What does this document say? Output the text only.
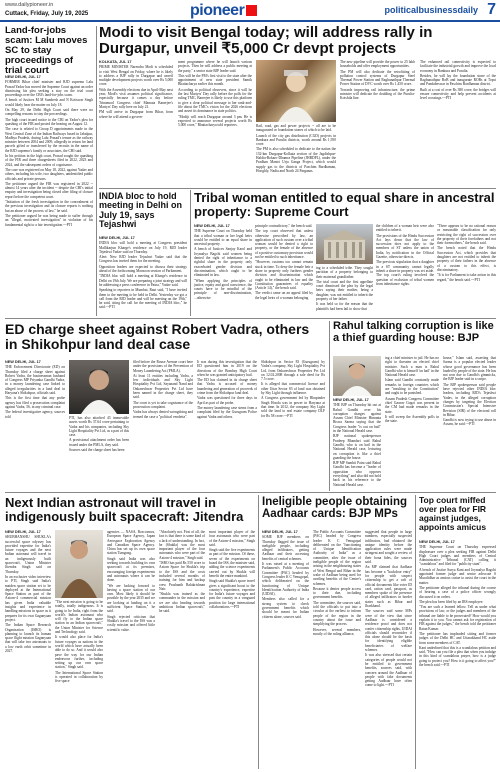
www.dailypioneer.in
Cuttack, Friday, July 19, 2025	pioneer	politicalbusinessdaily 7
Land-for-jobs scam: Lalu moves SC to stay proceedings of trial court
NEW DELHI, JUL 17

FORMER Bihar chief minister and RJD supremo Lalu Prasad Yadav has moved the Supreme Court against an order dismissing his plea seeking a stay on the trial court proceedings over the CBI's land-for-jobs scam.

A bench of Justices M M Sundresh and N Kotiswar Singh would likely hear the matter on July 18.

On May 29, the Delhi High Court said there were no compelling reasons to stay the proceedings.

The high court issued notice to the CBI on Yadav's plea for quashing of the FIR and posted the hearing on August 12.

The case is related to Group D appointments made in the West Central Zone of the Indian Railways based in Jabalpur, Madhya Pradesh, during Lalu Prasad's tenure as the railway minister between 2004 and 2009, allegedly in return for land parcels gifted or transferred by the recruits in the name of the RJD supremo's family or associates, the CBI said.

In his petition in the high court, Prasad sought the quashing of the FIR and three chargesheets filed in 2022, 2023 and 2024, and the subsequent orders of cognisance.

The case was registered on May 18, 2022, against Yadav and others, including his wife, two daughters, unidentified public officials and private persons.

The petitioner argued the FIR was registered in 2022 -- almost 14 years after the incident -- despite the CBI's initial enquiry and investigation being closed after filing of closure report before the competent court.

"Initiation of the fresh investigation in the concealment of the previous investigation and its closure reports is nothing but an abuse of the process of law," he said.

The petitioner argued he was being made to suffer through an "illegal, motivated investigation" in violation of his fundamental right to a fair investigation.---PTI

Modi to visit Bengal today; will address rally in Durgapur, unveil ₹5,000 Cr devpt projects
KOLKATA, JUL 17

PRIME MINISTER Narendra Modi is scheduled to visit West Bengal on Friday, where he is likely to address a BJP rally in Durgapur and unveil multiple development projects worth over Rs 5,000 crore.

With the Assembly elections due in April-May next year, Modi's visit assumes political significance, especially because it comes a day before Trinamool Congress chief Mamata Banerjee's Martyrs' Day rally here on July 21.

PM will arrive in Durgapur from Bihar, from where he will attend a govern-

ment programme where he will launch various projects. Then he will address a public meeting at the party," a senior state BJP leader said.

This will be the PM's first visit to the state after the appointment of new state president Samik Bhattacharya earlier this month.

According to political observers, since it will be the last Martyrs' Day rally before the polls for the ruling TMC, Banerjee is likely to use this platform to give a clear political message to her rank-and-file about the TMC's vision for the 2026 elections and assert its dominance in state politics.

"Modiji will reach Durgapur around 3 pm. He is expected to announce several projects worth Rs 5,000 crore," Bhattacharya told reporters.	Rail, road, gas and power projects -- all are to be inaugurated or foundation stones of which to be laid.

Launch of the city gas distribution (CGD) projects in Bankura and Purulia districts, worth around Rs 1,950 crore.

The PM is also scheduled to dedicate to the nation the 132-km Durgapur-Kolkata section of the Jagdishpur-Haldia-Bokaro-Dhamra Pipeline (JHBDPL), under the Pradhan Mantri Urja Ganga Project, which would supply gas to the districts of Paschim Bardhaman, Hooghly, Nadia and North 24 Parganas.

The new pipeline will provide the power to 25 lakh households and offer employment opportunities.

The PM will also dedicate the retrofitting of pollution control systems of Durgapur Steel Thermal Power Station and Raghunathpur Thermal Power Station of DVC worth over Rs 1,450 crore.

Towards improving rail infrastructure, the prime minister will dedicate the doubling of the Purulia-Kotshila line.

The enhanced rail connectivity is expected to facilitate the industrial growth and improve the local economy in Bankura and Purulia.

Besides, he will lay the foundation stone of the Raghunathpur RoB and inaugurate ROBs at Topsi and Pandabeswar in Paschim Bardhaman district.

Built at a cost of over Rs 380 crore, the bridges will ensure connectivity and help prevent accidents at level crossings.---PTI

INDIA bloc to hold meeting in Delhi on July 19, says Tejashwi
NEW DELHI, JUL 17

INDIA bloc will hold a meeting at Congress president Mallikarjun Kharge's residence on July 19, RJD leader Tejashwi Yadav said on Thursday.

Alert: New RJD leader Tejashwi Yadav said that the Congress has invited them for the meeting.

Opposition leaders are expected to discuss their strategy ahead of the forthcoming Monsoon session of Parliament.

"INDIA bloc will hold a meeting at Kharge's residence in Delhi on 19th July. We are preparing a joint strategy and will be addressing a press conference in Patna," Yadav said.

Speaking to reporters in Mumbai, Raut said, "I have invited them to the meeting to be held in Delhi. Yesterday we got a call from the RJD leader and will be meeting on the 19th," he said, citing the call for the meeting of INDIA bloc," he said.---PTI

Tribal woman entitled to equal share in ancestral property: Supreme Court
NEW DELHI, JUL 17

THE Supreme Court on Thursday held that a tribal woman or her legal heirs would be entitled to an equal share in ancestral property.

A bench of Justices Sanjay Karol and Joymalya Bagchi said women being denied the right of inheritance to a rightful share in the property only exacerbated gender division and discrimination, which ought to be eliminated in law.

"When applying the principles of justice, equity and good conscience, the courts have to be mindful of the principle of non-discrimination, ...otherwise

principle contradictory," the bench said.

The top court observed that unless otherwise prescribed by law, an application of such custom over a tribal woman would be denied a right to property, or the female of the absence of a positive customary provision would not be entitled to such inheritance.

"However, customs too cannot remain stuck in time. To deny the female heir a share in property only furthers gender division and discrimination which ought to be eliminated in law and the Constitution guarantees of equality (Article 14)," the bench said.

The verdict came on an appeal filed by the legal heirs of a woman belonging

ing to a scheduled tribe. They sought partition of a property belonging to their maternal grandfather.

The trial court and the first appellate court dismissed the plea by the legal heirs saying their mother, being a daughter, was not entitled to inherit the property of her father.

It was held so for the reason that the plaintiffs had been fail to show that

the children of a woman heir were also entitled to inherit.

The provisions of the Hindu Succession Act lays down that the law of succession does not apply to the members of ST unless the union of India, by notification in the Official Gazette, otherwise directs.

The previous stipulation that a daughter in a ST community cannot legally inherit a share in property was set aside. The top court's ruling involved the question of exclusion of tribal women from inheritance rights.

"There appears to be no rational reason or reasonable classification for only restricting the right of succession over the property of their forefathers and not their foremothers," the bench said.

The bench noted that the Hindu Succession Act, which provides that daughters are not entitled to inherit the property of their fathers in the absence of a custom to this effect, is discriminatory.

"It is for Parliament to take action in this regard," the bench said.---PTI

ED charge sheet against Robert Vadra, others in Shikohpur land deal case
NEW DELHI, JUL 17

THE Enforcement Directorate (ED) on Thursday filed a charge sheet against Robert Vadra, the businessman husband of Congress MP Priyanka Gandhi Vadra, in a money laundering case linked to alleged irregularities in a land deal in Haryana's Shikohpur, officials said.

This is the first time that any probe agency has filed a prosecution complaint against Vadra, 56, in any criminal case.

The federal investigative agency, sources told	PTI, has also attached 43 immovable assets worth Rs 37.64 crore pertaining to Vadra and his companies, including Sky Light Hospitality Pvt Ltd, as a part of this case.

A provisional attachment order has been issued under the PMLA, they said.

Sources said the charge sheet has been

filed before the Rouse Avenue court here under the provisions of the Prevention of Money Laundering Act (PMLA).

At least 11 entities including Vadra, a few individuals and Sky Light Hospitality Pvt Ltd, Sayanand Nand and Onkareshwar Properties Pvt Ltd have been named in the charge sheet, they said.

The court is yet to take cognisance of the prosecution complaint.

Vadra has always denied wrongdoing and termed the case a "political vendetta".

It was during this investigation that the ED questioned him in 2019 on the directions of the Bombay High Court when he was granted anticipatory bail.

The ED has claimed in its charge sheet that Vadra is accused of money laundering and generation of proceeds of crime from the Shikohpur land deal.

Vadra was questioned for three days in April as part of the probe.

The money laundering case stems from a complaint filed by the Gurugram Police against Vadra and others.

Shikohpur in Sector 83 (Gurugram) by Vadra's company, Sky Light Hospitality Pvt Ltd, from Onkareshwar Properties Pvt Ltd on 12.02.2008 through a sale deed for Rs 7.5 crore.

It is alleged that commercial licence and other Uttar Sector 83 of land was obtained by Sky Light through influence.

A Congress government led by Bhupinder Singh Hooda was in power in Haryana at that time. In 2012, the company Sky Light sold the land to real estate company DLF for Rs 58 crore.---PTI

Rahul talking corruption is like a thief guarding house: BJP
NEW DELHI, JUL 17

THE BJP on Thursday hit out at Rahul Gandhi over his corruption charges against Assam Chief Minister Himanta Biswa Sarma saying that the Congress leader "is out on bail" in the National Herald case.

BJP national spokesperson Pradeep Bhandari said Rahul Gandhi, who is on bail in the National Herald case, lecturing on corruption is like a thief guarding the house.

BJP MP Sambit Patra said Rahul Gandhi has become a "leader of opposition who opposes everything" and also did not hold back in his reference to the National Herald case.

ing a chief minister to jail. He has no right to threaten an elected chief minister. Such a man is Rahul Gandhi who is himself 'on bail' in the National Herald case.

Islam said Gandhi constantly made remarks in foreign countries which are "insulting to the Constitution" and ought to be punished.

Assam Pradesh Congress Committee chief Gaurav Gogoi was present in the CM had made remarks in the state.

It will sweep the Assembly polls in the state.

house," Islam said, asserting that Sarma is a popular elected leader whose good governance has been lauded by people of the state. He has not won due to Gandhi's gimmicks, the BJP leader said in a swipe.

The BJP spokesperson said people have rejected other INDIA bloc leaders, including RJD's Tejashwi Yadav, in the alleged corruption charges by targeting the Election Commission's Special Intensive Revision (SIR) of the electoral roll in Bihar.

Gandhi is now trying to use abuse in Assam, he said.---PTI

Next Indian astronaut will travel in indigenously built spacecraft: Jitendra
NEW DELHI, JUL 17

SHUBHANSHU SHUKLA's successful space odyssey has provided expertise for India's future voyages and the next Indian astronaut will travel in an indigenously built spacecraft, Union Minister Jitendra Singh said on Thursday.

In an exclusive video interview to PTI, Singh said India's maiden space station set to be deployed at the International Space Station as part of the Axiom-4 commercial mission has given India valuable insights and experience in handling missions in space as it prepares for its own Gaganyaan project.

The Indian Space Research Organisation (ISRO) is planning to launch its human space flight mission Gaganyaan that will take two astronauts to a low earth orbit sometime in 2027.

"The next mission is going to be totally, totally indigenous. It is going to be India, right from the world's Indian astronaut who will fly to the Indian space station in an Indian spacecraft," the Union Minister for Science and Technology said.

It would also place for India's future voyages as nations in the world which have actually been able to do so. And it would also pave the way for our Indian endeavour further, including setting up our own space station," Singh said.

The International Space Station is operated in collaboration by five space

agencies — NASA, Roscosmos, European Space Agency, Japan Aerospace Exploration Agency and Canadian Space Agency. China has set up its own space station Tiangong.

Singh said India was also seeking towards building its own spacecraft at its premises, encouraging foreign experiments and astronauts where it can be done.

"We are looking forward to having a space station of our own. Most likely it should be possible by the year 2035 and we are looking at landing on it a sufficient Space Station," he said.

Singh rejected criticism that Shukla's travel to the ISS was a costly mission and offered little scientific value.

"Absolutely not. First of all, the fact is that there is some kind of a lack of understanding. In fact, he (Shukla) was the most important player of the four astronauts who were part of the Axiom-4 mission," Singh said.

"ISRO has paid Rs 550 crore to Axiom Space for Shukla's trip to the ISS and the costs included several months of training for him and backup crew Prashanth Balakrishnan Nair.

"Shukla was trained as the commander in the mission and we are also heading towards ambitious Indian spacecraft," he said.

most important player of the four astronauts who were part of the Axiom-4 mission," Singh said.

Singh said the five experiments as part of the mission. Of these, seven of the experiments on board the ISS, the minister said, adding the science experiments carried out by Shukla will benefit the entire mankind.

Singh said Shukla's space travel gives a significant boost to the country's experience, expertise for India's future voyages and puts the country in a vanguard position for large international collaborations.---PTI

Ineligible people obtaining Aadhaar cards: BJP MPs
NEW DELHI, JUL 17

SOME BJP members on Thursday flagged the issue of ineligible people, including alleged infiltrators, getting Aadhaar and their accessing benefits of central schemes.

It was raised at a meeting of Parliament's Public Accounts Committee (PAC) headed by Congress leader K C Venugopal, which deliberated on the functioning of Unique Identification Authority of India (UIDAI).

Members also called for a strong system to check government benefits which should be meant for Indian citizens alone, sources said.

The Public Accounts Committee (PAC) headed by Congress leader K C Venugopal deliberated on the "functioning of Unique Identification Authority of India" as a committee, after the issue of ineligible people of the region arising in the neighbouring states of West Bengal and Bihar in the wake of Aadhaar being used for availing benefits of the Centre's schemes.

Because it denies people access to their due, including government benefits.

The committee, the sources said, told the officials to put into a circular at the earliest to inform people of the region in the country about the issue and simplifying the process.

However, several members, mostly of the ruling alliance,

suggested that people in large numbers, especially suspected infiltrators, had obtained the unique identity before the application rules were made stringent and sought a review of their bona fides, the sources said.

An MP claimed that Aadhaar has become a "backdoor entry" for people with suspect citizenship to get a raft of official documents like voter ID card, ration card, passport, as members spoke of the presence of alleged infiltrators in border states such as Bihar and Jharkhand.

The sources said some MPs were of the view that since Aadhaar is considered a residence proof and does not confer citizenship rights, UIDAI officials should reconsider if this alone should be the basis for identifying eligible beneficiaries of welfare schemes.

It was also stressed that certain categories of people would not be entitled to government benefits, sources said, with concern around the Aadhaar of people with fake documents getting Aadhaar have often come to light.---PTI

Top court miffed over plea for FIR against judges, appoints amicus
NEW DELHI, JUL 17

THE Supreme Court on Thursday expressed displeasure over a plea seeking FIR against Delhi High Court judges and members of Central Administrative Tribunal (CAT) calling it "scandalous" and filed for "publicity stunt".

A bench of Justice Surya Kant and Joymalya Bagchi appointed former judge and senior advocate S Muralidhar as amicus curiae to assist the court in the matter.

The petitioner alleged the tribunal during the course of hearing a case of a police officer wrongly discussed it on orders.

The plea has been filed by an IRS employee.

"You are such a learned fellow. Tell us under what provisions of law, or the judges and members of the tribunal are liable to be prosecuted? How would you explain it to you. You cannot ask for registration of FIR against the judges," the bench told the petitioner Ratan Kumar.

The petitioner has impleaded sitting and former judges of the Delhi HC and Uttarakhand HC aside from some members of CAT.

Kant underlined that this is a scandalous petition and said, "How can you file a plea that when you indulge in this kind of scandalous prayer, how is a judge going to protect you? How is it going to affect you?" the bench said.---PTI
